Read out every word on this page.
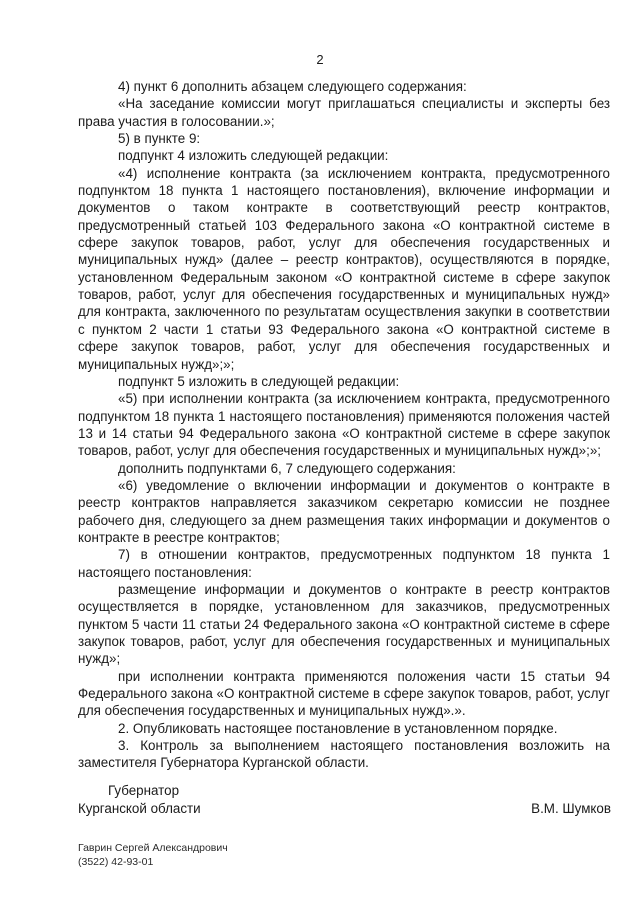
2

4) пункт 6 дополнить абзацем следующего содержания:

«На заседание комиссии могут приглашаться специалисты и эксперты без права участия в голосовании.»;

5) в пункте 9:

подпункт 4 изложить следующей редакции:

«4) исполнение контракта (за исключением контракта, предусмотренного подпунктом 18 пункта 1 настоящего постановления), включение информации и документов о таком контракте в соответствующий реестр контрактов, предусмотренный статьей 103 Федерального закона «О контрактной системе в сфере закупок товаров, работ, услуг для обеспечения государственных и муниципальных нужд» (далее – реестр контрактов), осуществляются в порядке, установленном Федеральным законом «О контрактной системе в сфере закупок товаров, работ, услуг для обеспечения государственных и муниципальных нужд» для контракта, заключенного по результатам осуществления закупки в соответствии с пунктом 2 части 1 статьи 93 Федерального закона «О контрактной системе в сфере закупок товаров, работ, услуг для обеспечения государственных и муниципальных нужд»;»;

подпункт 5 изложить в следующей редакции:

«5) при исполнении контракта (за исключением контракта, предусмотренного подпунктом 18 пункта 1 настоящего постановления) применяются положения частей 13 и 14 статьи 94 Федерального закона «О контрактной системе в сфере закупок товаров, работ, услуг для обеспечения государственных и муниципальных нужд»;»;

дополнить подпунктами 6, 7 следующего содержания:

«6) уведомление о включении информации и документов о контракте в реестр контрактов направляется заказчиком секретарю комиссии не позднее рабочего дня, следующего за днем размещения таких информации и документов о контракте в реестре контрактов;

7) в отношении контрактов, предусмотренных подпунктом 18 пункта 1 настоящего постановления:

размещение информации и документов о контракте в реестр контрактов осуществляется в порядке, установленном для заказчиков, предусмотренных пунктом 5 части 11 статьи 24 Федерального закона «О контрактной системе в сфере закупок товаров, работ, услуг для обеспечения государственных и муниципальных нужд»;

при исполнении контракта применяются положения части 15 статьи 94 Федерального закона «О контрактной системе в сфере закупок товаров, работ, услуг для обеспечения государственных и муниципальных нужд».».

2. Опубликовать настоящее постановление в установленном порядке.

3. Контроль за выполнением настоящего постановления возложить на заместителя Губернатора Курганской области.

Губернатор
Курганской области	В.М. Шумков
Гаврин Сергей Александрович
(3522) 42-93-01
